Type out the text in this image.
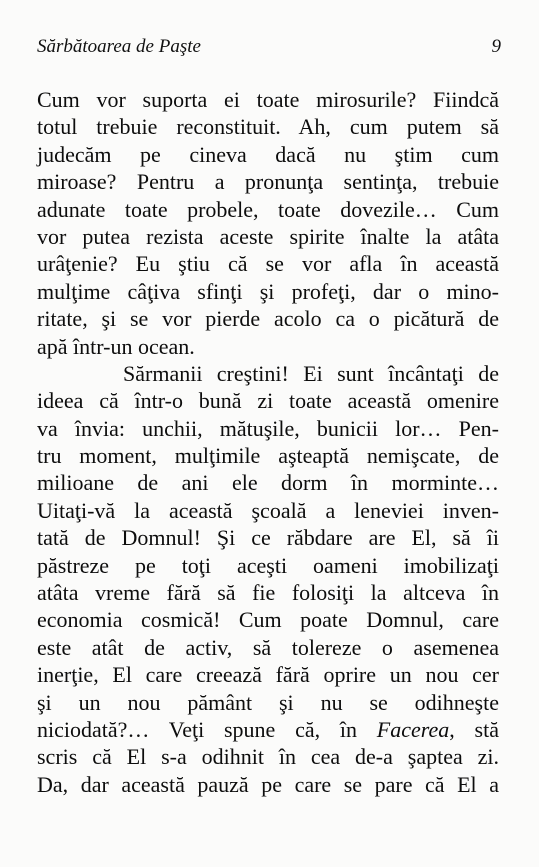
Sărbătoarea de Paşte	9
Cum vor suporta ei toate mirosurile? Fiindcă
totul trebuie reconstituit. Ah, cum putem să
judecăm pe cineva dacă nu ştim cum
miroase? Pentru a pronunţa sentinţa, trebuie
adunate toate probele, toate dovezile… Cum
vor putea rezista aceste spirite înalte la atâta
urâţenie? Eu ştiu că se vor afla în această
mulţime câţiva sfinţi şi profeţi, dar o mino-
ritate, şi se vor pierde acolo ca o picătură de
apă într-un ocean.
Sărmanii creştini! Ei sunt încântaţi de
ideea că într-o bună zi toate această omenire
va învia: unchii, mătuşile, bunicii lor… Pen-
tru moment, mulţimile aşteaptă nemişcate, de
milioane de ani ele dorm în morminte…
Uitaţi-vă la această şcoală a leneviei inven-
tată de Domnul! Şi ce răbdare are El, să îi
păstreze pe toţi aceşti oameni imobilizaţi
atâta vreme fără să fie folosiţi la altceva în
economia cosmică! Cum poate Domnul, care
este atât de activ, să tolereze o asemenea
inerţie, El care creează fără oprire un nou cer
şi un nou pământ şi nu se odihneşte
niciodată?… Veţi spune că, în Facerea, stă
scris că El s-a odihnit în cea de-a şaptea zi.
Da, dar această pauză pe care se pare că El a
